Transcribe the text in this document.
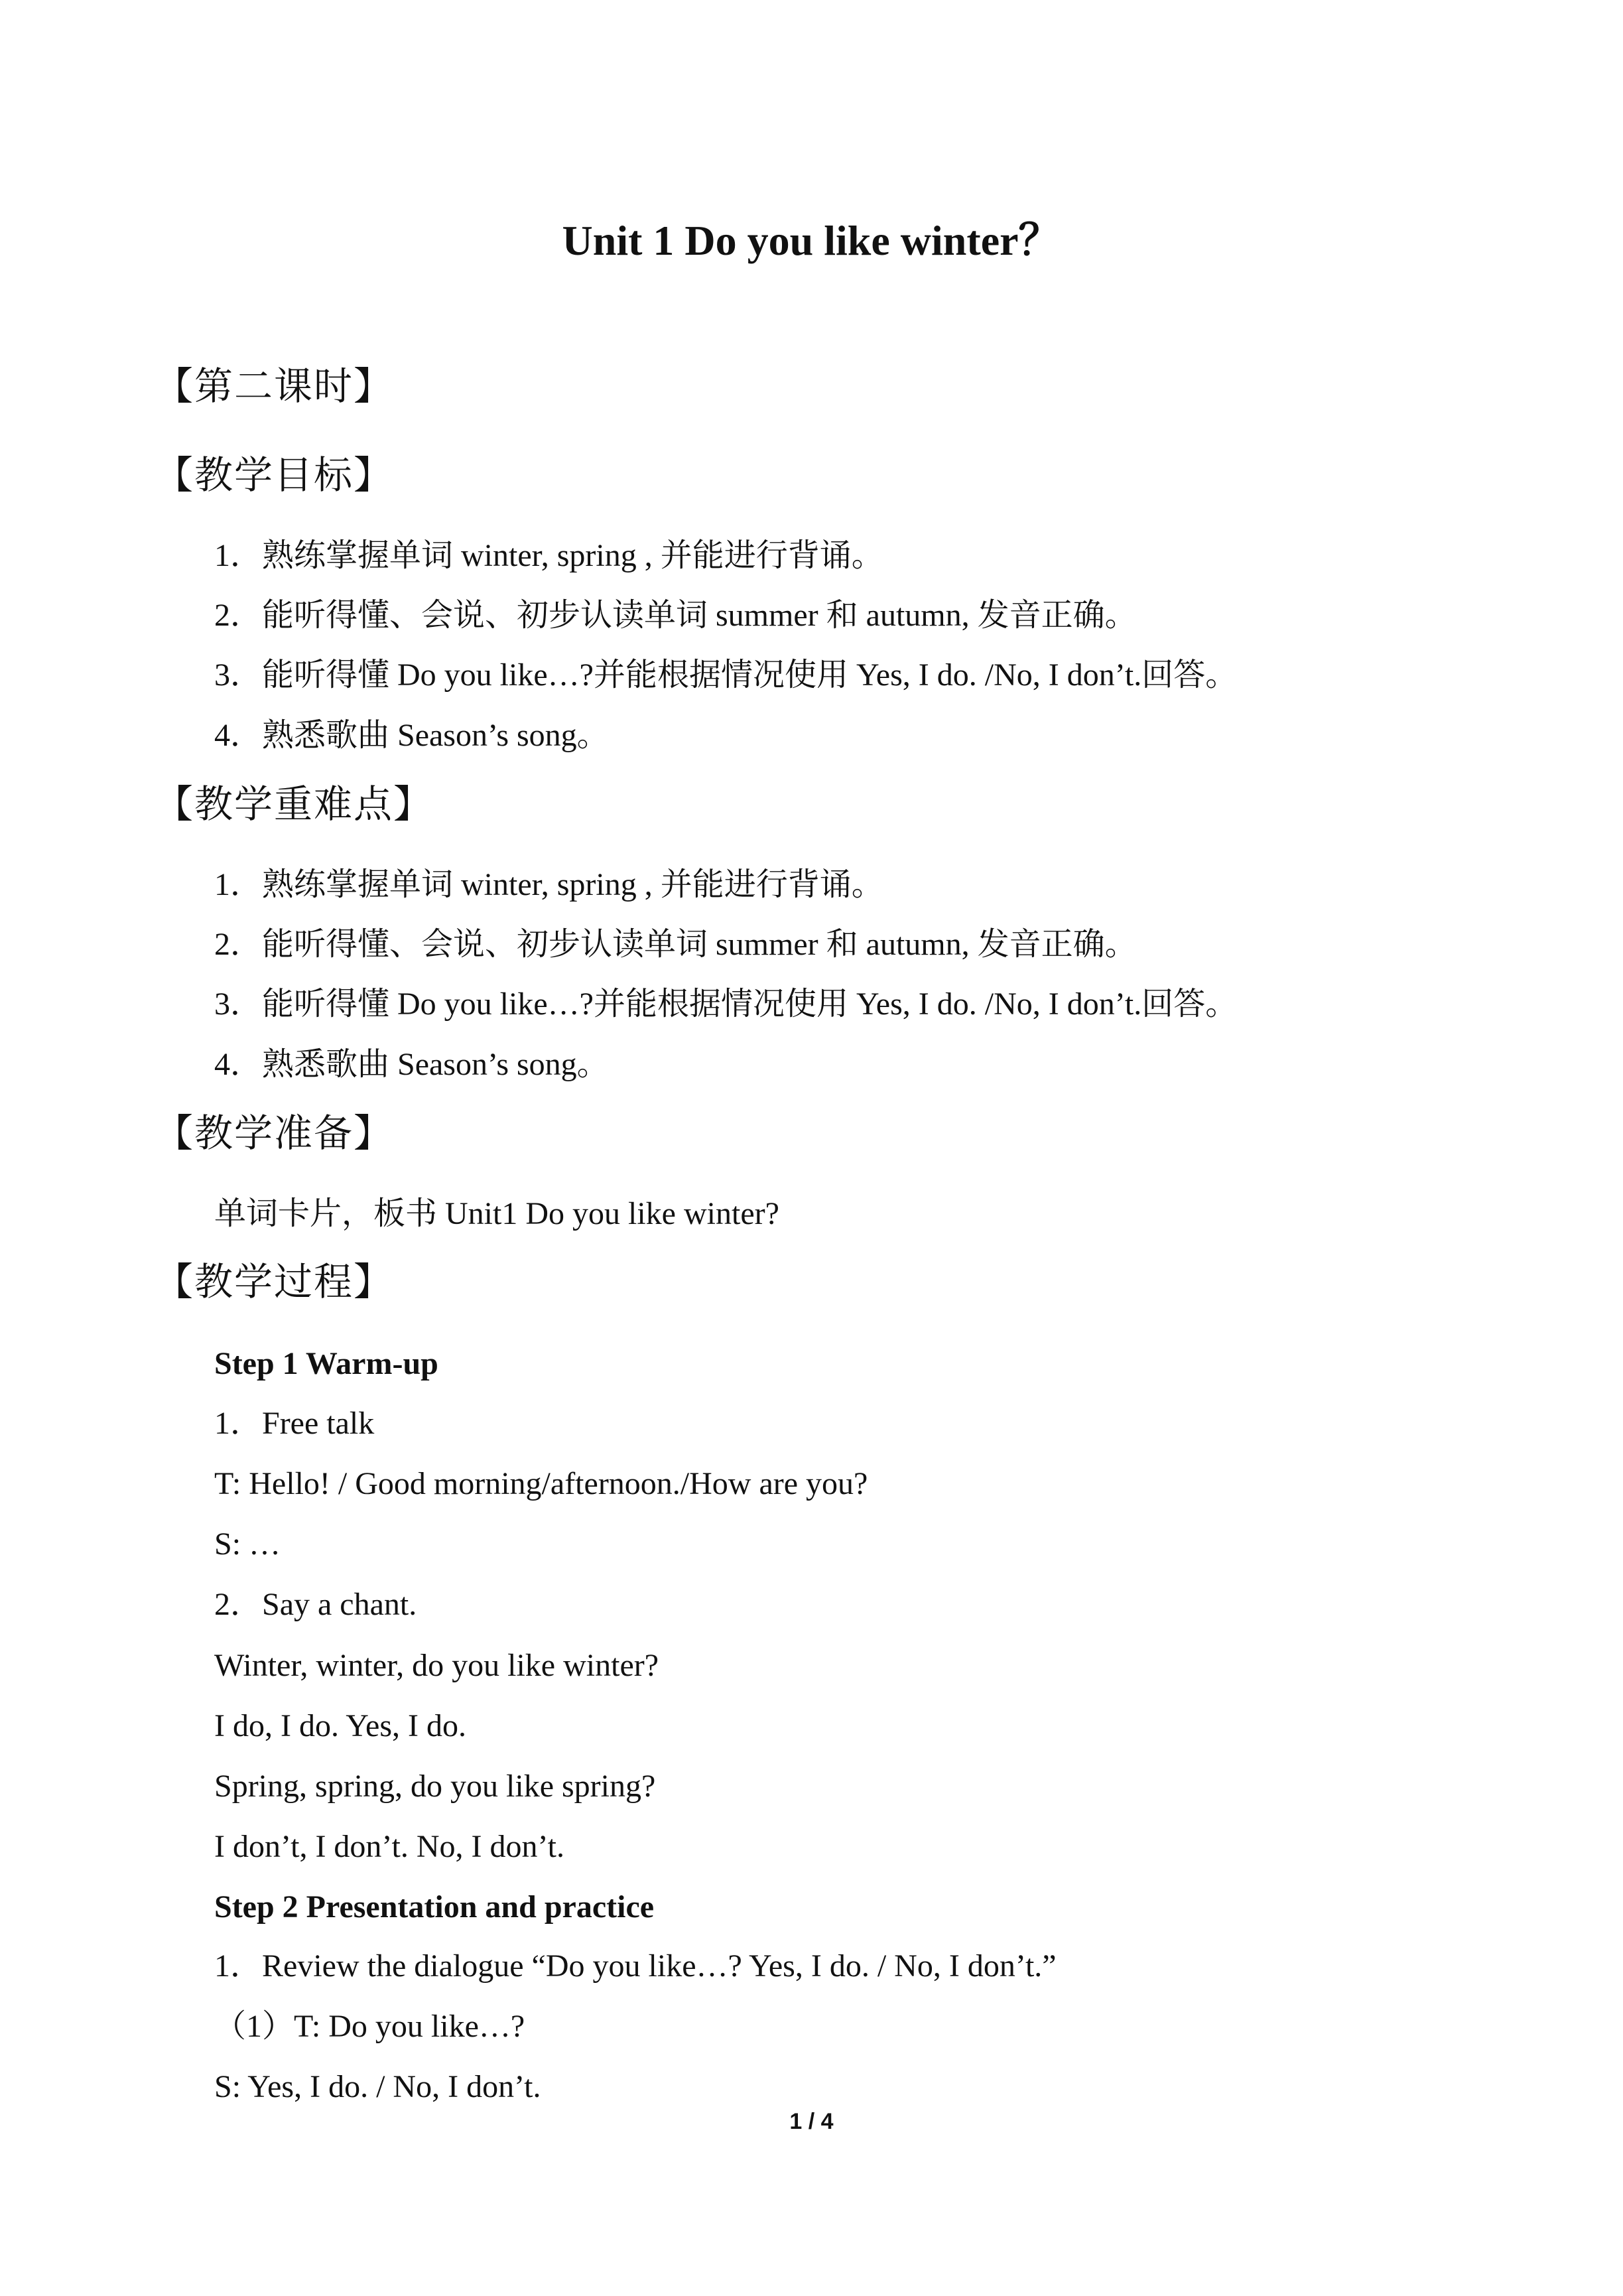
Unit 1 Do you like winter？
【第二课时】
【教学目标】
1．熟练掌握单词 winter, spring , 并能进行背诵。
2．能听得懂、会说、初步认读单词 summer 和 autumn, 发音正确。
3．能听得懂 Do you like…?并能根据情况使用 Yes, I do. /No, I don’t.回答。
4．熟悉歌曲 Season’s song。
【教学重难点】
1．熟练掌握单词 winter, spring , 并能进行背诵。
2．能听得懂、会说、初步认读单词 summer 和 autumn, 发音正确。
3．能听得懂 Do you like…?并能根据情况使用 Yes, I do. /No, I don’t.回答。
4．熟悉歌曲 Season’s song。
【教学准备】
单词卡片，板书 Unit1 Do you like winter?
【教学过程】
Step 1 Warm-up
1．Free talk
T: Hello! / Good morning/afternoon./How are you?
S: …
2．Say a chant.
Winter, winter, do you like winter?
I do, I do. Yes, I do.
Spring, spring, do you like spring?
I don’t, I don’t. No, I don’t.
Step 2 Presentation and practice
1．Review the dialogue “Do you like…? Yes, I do. / No, I don’t.”
（1）T: Do you like…?
S: Yes, I do. / No, I don’t.
1 / 4
